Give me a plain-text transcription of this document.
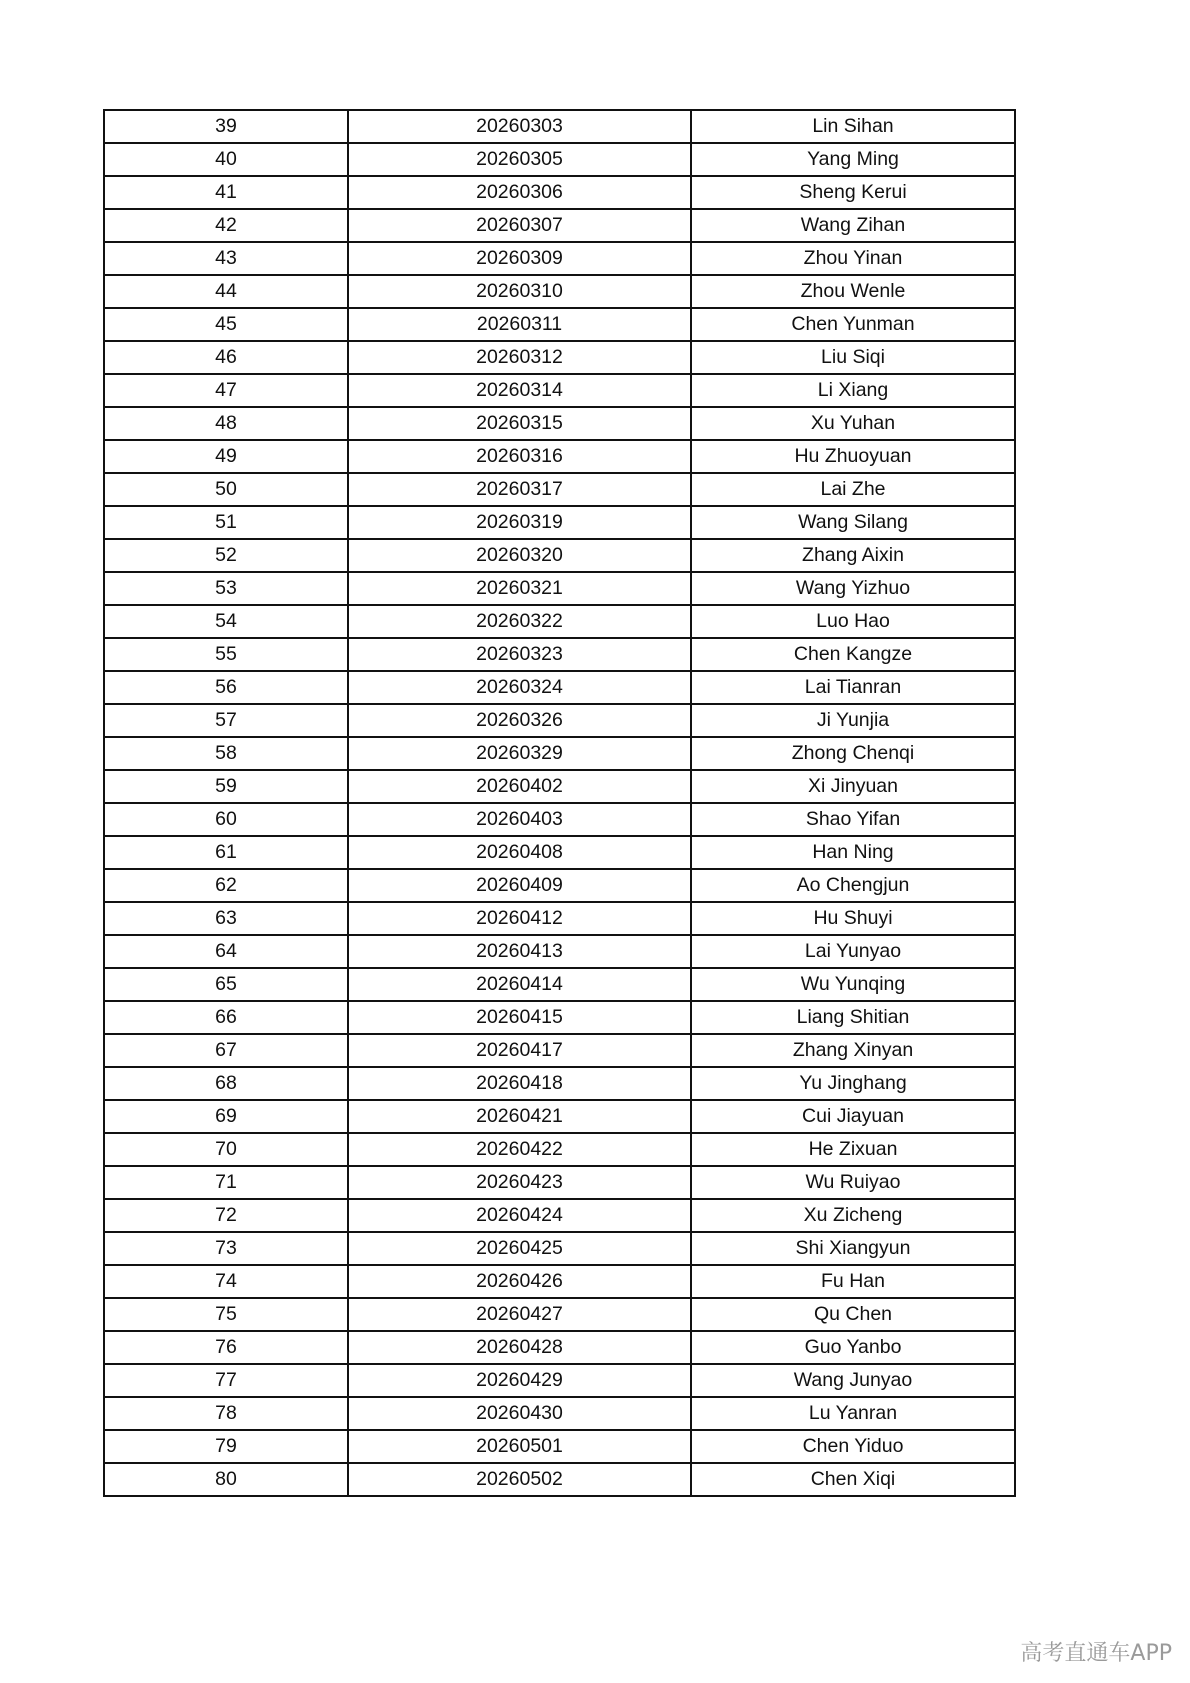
39	20260303	Lin Sihan
40	20260305	Yang Ming
41	20260306	Sheng Kerui
42	20260307	Wang Zihan
43	20260309	Zhou Yinan
44	20260310	Zhou Wenle
45	20260311	Chen Yunman
46	20260312	Liu Siqi
47	20260314	Li Xiang
48	20260315	Xu Yuhan
49	20260316	Hu Zhuoyuan
50	20260317	Lai Zhe
51	20260319	Wang Silang
52	20260320	Zhang Aixin
53	20260321	Wang Yizhuo
54	20260322	Luo Hao
55	20260323	Chen Kangze
56	20260324	Lai Tianran
57	20260326	Ji Yunjia
58	20260329	Zhong Chenqi
59	20260402	Xi Jinyuan
60	20260403	Shao Yifan
61	20260408	Han Ning
62	20260409	Ao Chengjun
63	20260412	Hu Shuyi
64	20260413	Lai Yunyao
65	20260414	Wu Yunqing
66	20260415	Liang Shitian
67	20260417	Zhang Xinyan
68	20260418	Yu Jinghang
69	20260421	Cui Jiayuan
70	20260422	He Zixuan
71	20260423	Wu Ruiyao
72	20260424	Xu Zicheng
73	20260425	Shi Xiangyun
74	20260426	Fu Han
75	20260427	Qu Chen
76	20260428	Guo Yanbo
77	20260429	Wang Junyao
78	20260430	Lu Yanran
79	20260501	Chen Yiduo
80	20260502	Chen Xiqi
高考直通车APP
